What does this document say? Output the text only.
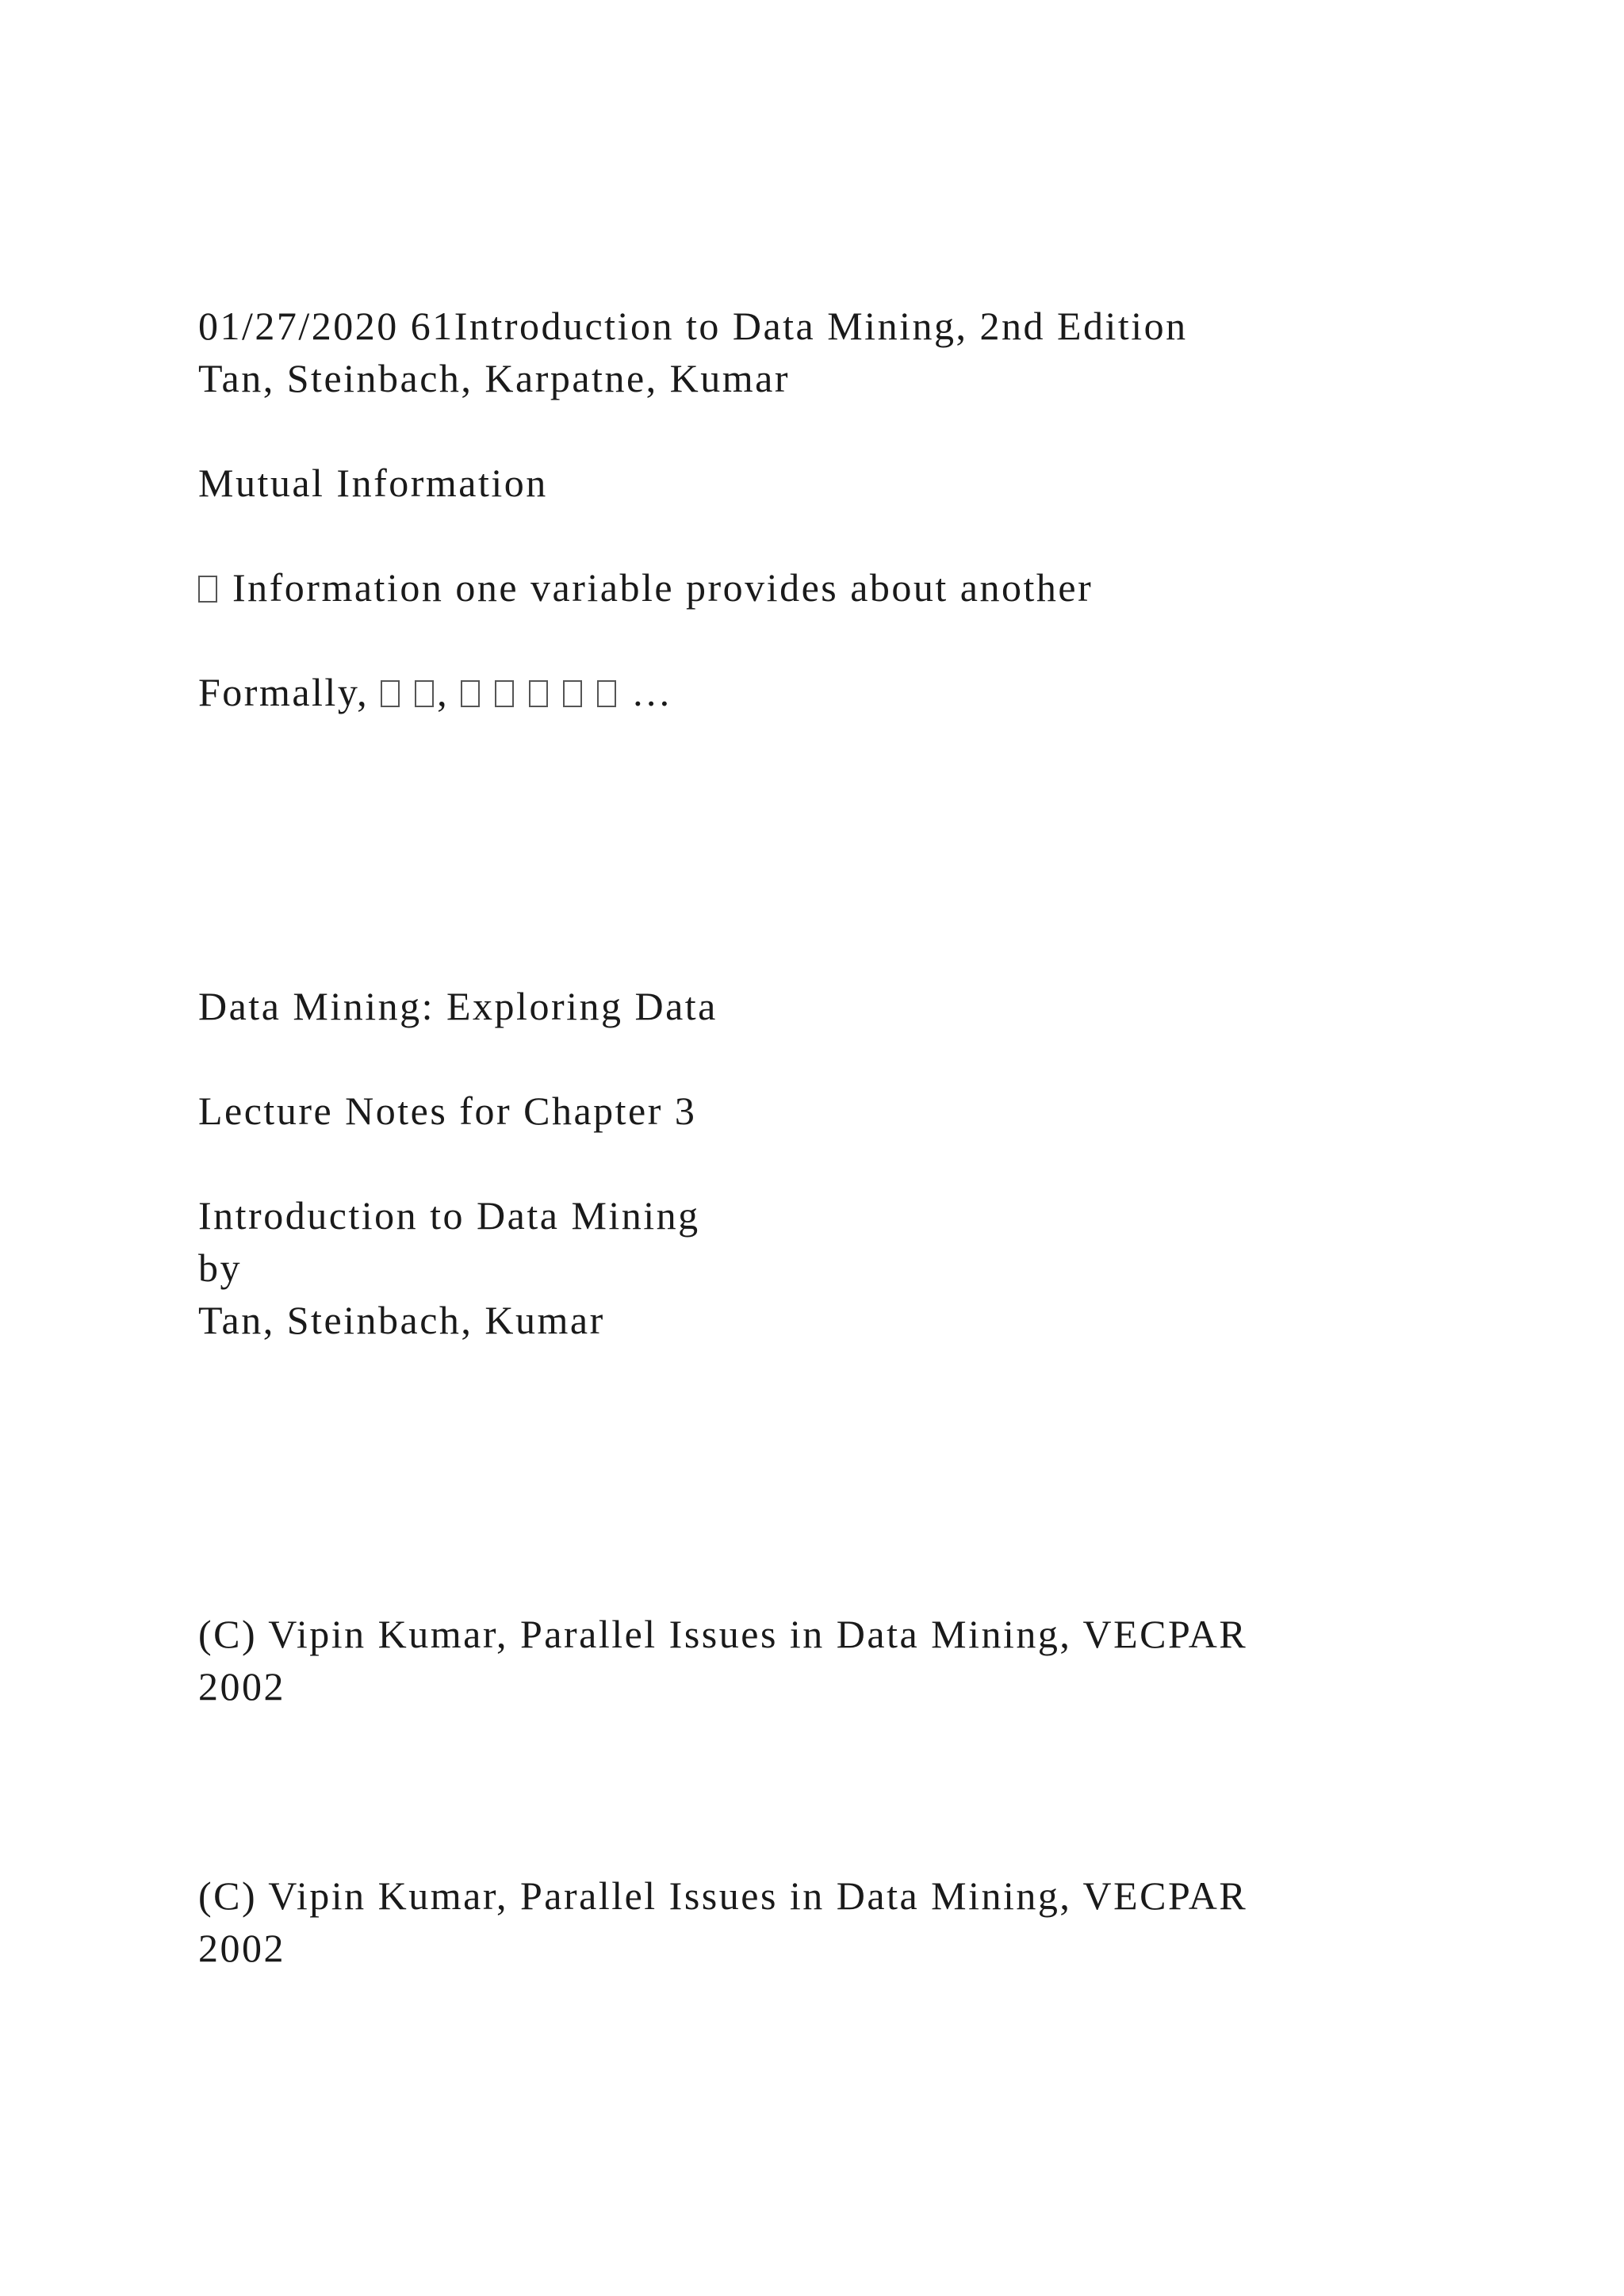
01/27/2020 61Introduction to Data Mining, 2nd Edition

Tan, Steinbach, Karpatne, Kumar

Mutual Information

Information one variable provides about another

Formally, ,	…

Data Mining: Exploring Data

Lecture Notes for Chapter 3

Introduction to Data Mining

by

Tan, Steinbach, Kumar

(C) Vipin Kumar, Parallel Issues in Data Mining, VECPAR

2002

(C) Vipin Kumar, Parallel Issues in Data Mining, VECPAR

2002
